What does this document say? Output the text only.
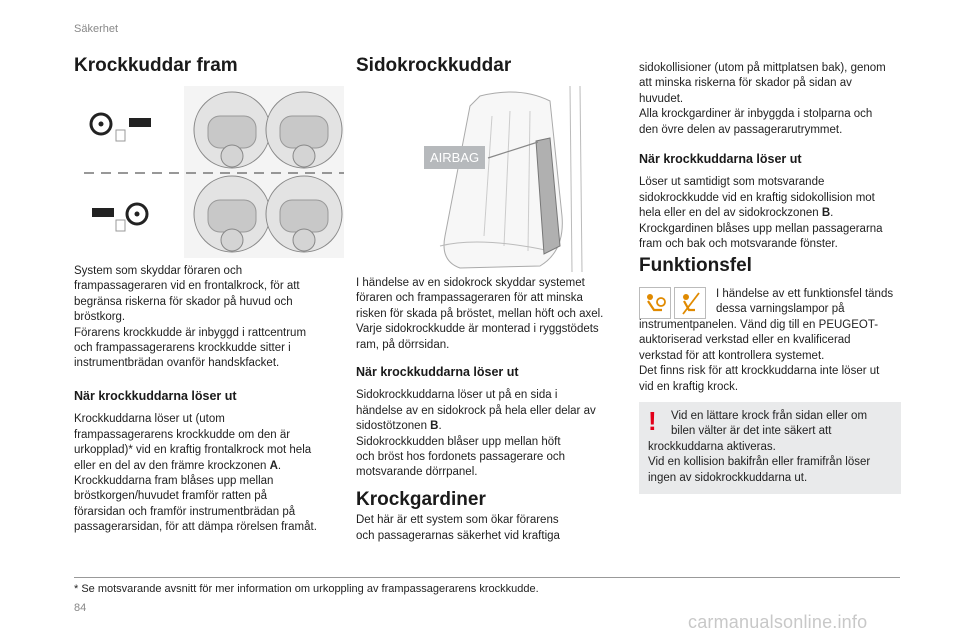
Säkerhet
Krockkuddar fram

System som skyddar föraren och

frampassageraren vid en frontalkrock, för att

begränsa riskerna för skador på huvud och

bröstkorg.

Förarens krockkudde är inbyggd i rattcentrum

och frampassagerarens krockkudde sitter i

instrumentbrädan ovanför handskfacket.

När krockkuddarna löser ut

Krockkuddarna löser ut (utom

frampassagerarens krockkudde om den är

urkopplad)* vid en kraftig frontalkrock mot hela

eller en del av den främre krockzonen A.

Krockkuddarna fram blåses upp mellan

bröstkorgen/huvudet framför ratten på

förarsidan och framför instrumentbrädan på

passagerarsidan, för att dämpa rörelsen framåt.

Sidokrockkuddar
AIRBAG

I händelse av en sidokrock skyddar systemet

föraren och frampassageraren för att minska

risken för skada på bröstet, mellan höft och axel.

Varje sidokrockkudde är monterad i ryggstödets

ram, på dörrsidan.

När krockkuddarna löser ut

Sidokrockkuddarna löser ut på en sida i

händelse av en sidokrock på hela eller delar av

sidostötzonen B.

Sidokrockkudden blåser upp mellan höft

och bröst hos fordonets passagerare och

motsvarande dörrpanel.

Krockgardiner

Det här är ett system som ökar förarens

och passagerarnas säkerhet vid kraftiga

sidokollisioner (utom på mittplatsen bak), genom

att minska riskerna för skador på sidan av

huvudet.

Alla krockgardiner är inbyggda i stolparna och

den övre delen av passagerarutrymmet.

När krockkuddarna löser ut

Löser ut samtidigt som motsvarande

sidokrockkudde vid en kraftig sidokollision mot

hela eller en del av sidokrockzonen B.

Krockgardinen blåses upp mellan passagerarna

fram och bak och motsvarande fönster.

Funktionsfel

I händelse av ett funktionsfel tänds

dessa varningslampor på

instrumentpanelen. Vänd dig till en PEUGEOT-

auktoriserad verkstad eller en kvalificerad

verkstad för att kontrollera systemet.

Det finns risk för att krockkuddarna inte löser ut

vid en kraftig krock.

! Vid en lättare krock från sidan eller om

bilen välter är det inte säkert att

krockkuddarna aktiveras.

Vid en kollision bakifrån eller framifrån löser

ingen av sidokrockkuddarna ut.

* Se motsvarande avsnitt för mer information om urkoppling av frampassagerarens krockkudde.
84
carmanualsonline.info
